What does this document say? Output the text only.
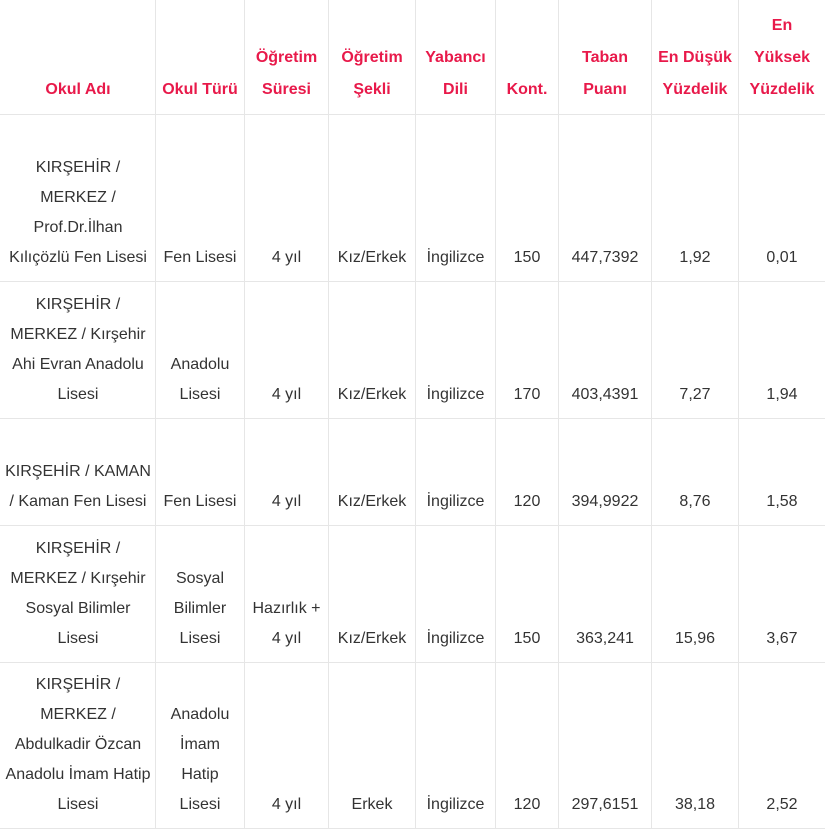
Okul Adı	Okul Türü	Öğretim Süresi	Öğretim Şekli	Yabancı Dili	Kont.	Taban Puanı	En Düşük Yüzdelik	En Yüksek Yüzdelik
KIRŞEHİR / MERKEZ / Prof.Dr.İlhan Kılıçözlü Fen Lisesi	Fen Lisesi	4 yıl	Kız/Erkek	İngilizce	150	447,7392	1,92	0,01
KIRŞEHİR / MERKEZ / Kırşehir Ahi Evran Anadolu Lisesi	Anadolu Lisesi	4 yıl	Kız/Erkek	İngilizce	170	403,4391	7,27	1,94
KIRŞEHİR / KAMAN / Kaman Fen Lisesi	Fen Lisesi	4 yıl	Kız/Erkek	İngilizce	120	394,9922	8,76	1,58
KIRŞEHİR / MERKEZ / Kırşehir Sosyal Bilimler Lisesi	Sosyal Bilimler Lisesi	Hazırlık + 4 yıl	Kız/Erkek	İngilizce	150	363,241	15,96	3,67
KIRŞEHİR / MERKEZ / Abdulkadir Özcan Anadolu İmam Hatip Lisesi	Anadolu İmam Hatip Lisesi	4 yıl	Erkek	İngilizce	120	297,6151	38,18	2,52
